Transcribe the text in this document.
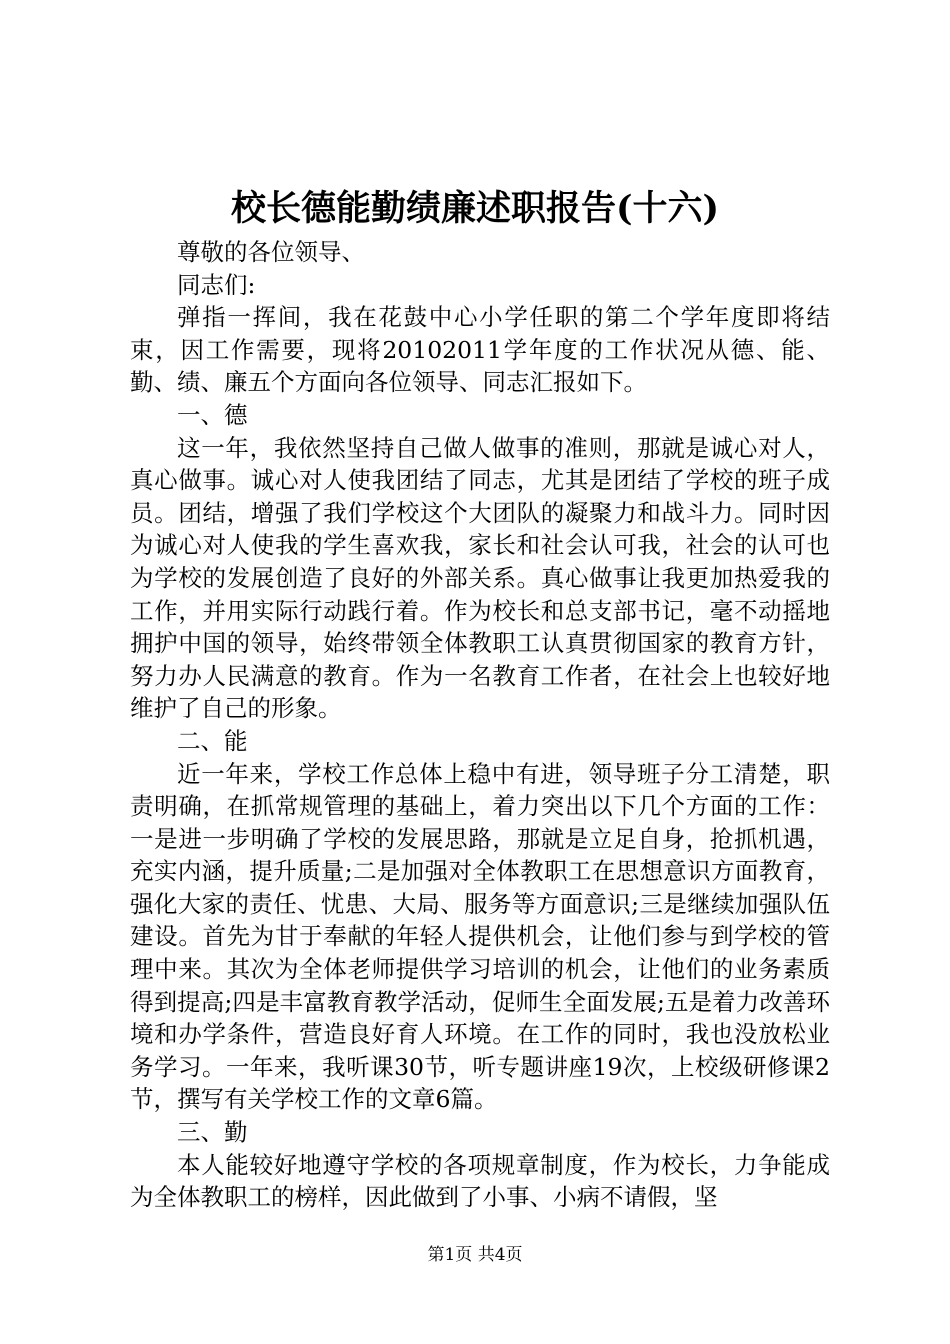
校长德能勤绩廉述职报告(十六)

尊敬的各位领导、

同志们:

弹指一挥间，我在花鼓中心小学任职的第二个学年度即将结束，因工作需要，现将20102011学年度的工作状况从德、能、勤、绩、廉五个方面向各位领导、同志汇报如下。

一、德

这一年，我依然坚持自己做人做事的准则，那就是诚心对人，真心做事。诚心对人使我团结了同志，尤其是团结了学校的班子成员。团结，增强了我们学校这个大团队的凝聚力和战斗力。同时因为诚心对人使我的学生喜欢我，家长和社会认可我，社会的认可也为学校的发展创造了良好的外部关系。真心做事让我更加热爱我的工作，并用实际行动践行着。作为校长和总支部书记，毫不动摇地拥护中国的领导，始终带领全体教职工认真贯彻国家的教育方针，努力办人民满意的教育。作为一名教育工作者，在社会上也较好地维护了自己的形象。

二、能

近一年来，学校工作总体上稳中有进，领导班子分工清楚，职责明确，在抓常规管理的基础上，着力突出以下几个方面的工作：一是进一步明确了学校的发展思路，那就是立足自身，抢抓机遇，充实内涵，提升质量;二是加强对全体教职工在思想意识方面教育，强化大家的责任、忧患、大局、服务等方面意识;三是继续加强队伍建设。首先为甘于奉献的年轻人提供机会，让他们参与到学校的管理中来。其次为全体老师提供学习培训的机会，让他们的业务素质得到提高;四是丰富教育教学活动，促师生全面发展;五是着力改善环境和办学条件，营造良好育人环境。在工作的同时，我也没放松业务学习。一年来，我听课30节，听专题讲座19次，上校级研修课2节，撰写有关学校工作的文章6篇。

三、勤

本人能较好地遵守学校的各项规章制度，作为校长，力争能成为全体教职工的榜样，因此做到了小事、小病不请假，坚

第1页 共4页
